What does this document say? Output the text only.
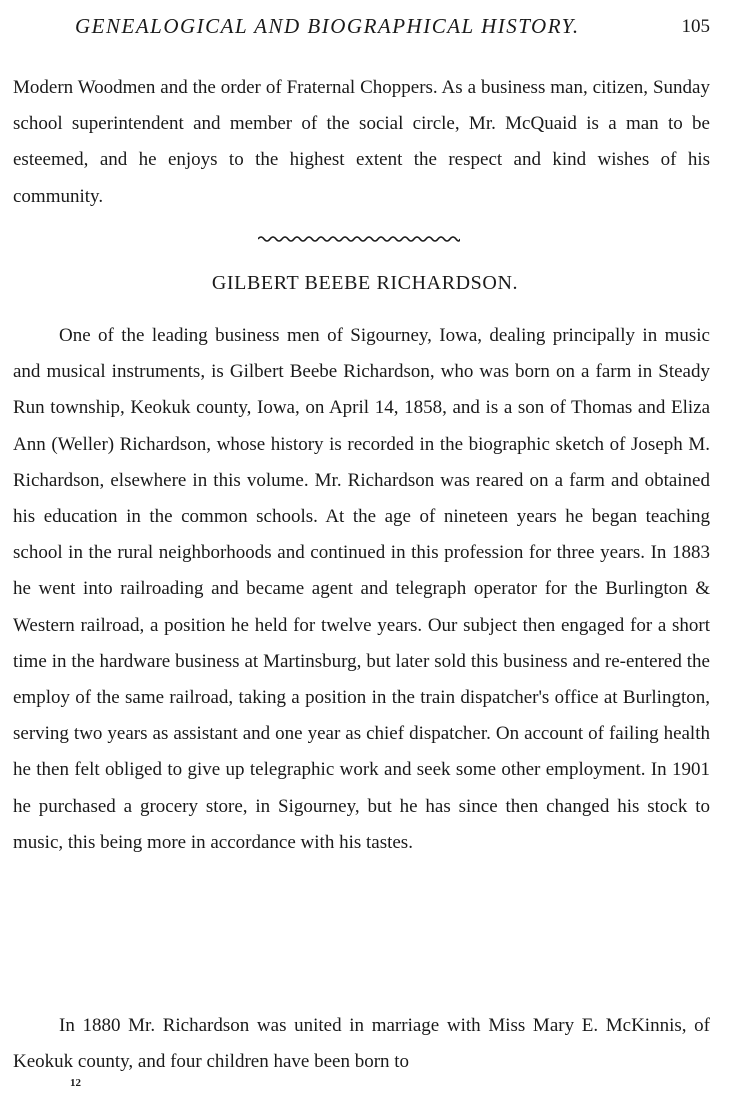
GENEALOGICAL AND BIOGRAPHICAL HISTORY.	105

Modern Woodmen and the order of Fraternal Choppers. As a business man, citizen, Sunday school superintendent and member of the social circle, Mr. McQuaid is a man to be esteemed, and he enjoys to the highest extent the respect and kind wishes of his community.

GILBERT BEEBE RICHARDSON.

One of the leading business men of Sigourney, Iowa, dealing principally in music and musical instruments, is Gilbert Beebe Richardson, who was born on a farm in Steady Run township, Keokuk county, Iowa, on April 14, 1858, and is a son of Thomas and Eliza Ann (Weller) Richardson, whose history is recorded in the biographic sketch of Joseph M. Richardson, elsewhere in this volume. Mr. Richardson was reared on a farm and obtained his education in the common schools. At the age of nineteen years he began teaching school in the rural neighborhoods and continued in this profession for three years. In 1883 he went into railroading and became agent and telegraph operator for the Burlington & Western railroad, a position he held for twelve years. Our subject then engaged for a short time in the hardware business at Martinsburg, but later sold this business and re-entered the employ of the same railroad, taking a position in the train dispatcher's office at Burlington, serving two years as assistant and one year as chief dispatcher. On account of failing health he then felt obliged to give up telegraphic work and seek some other employment. In 1901 he purchased a grocery store, in Sigourney, but he has since then changed his stock to music, this being more in accordance with his tastes.

In 1880 Mr. Richardson was united in marriage with Miss Mary E. McKinnis, of Keokuk county, and four children have been born to

12
